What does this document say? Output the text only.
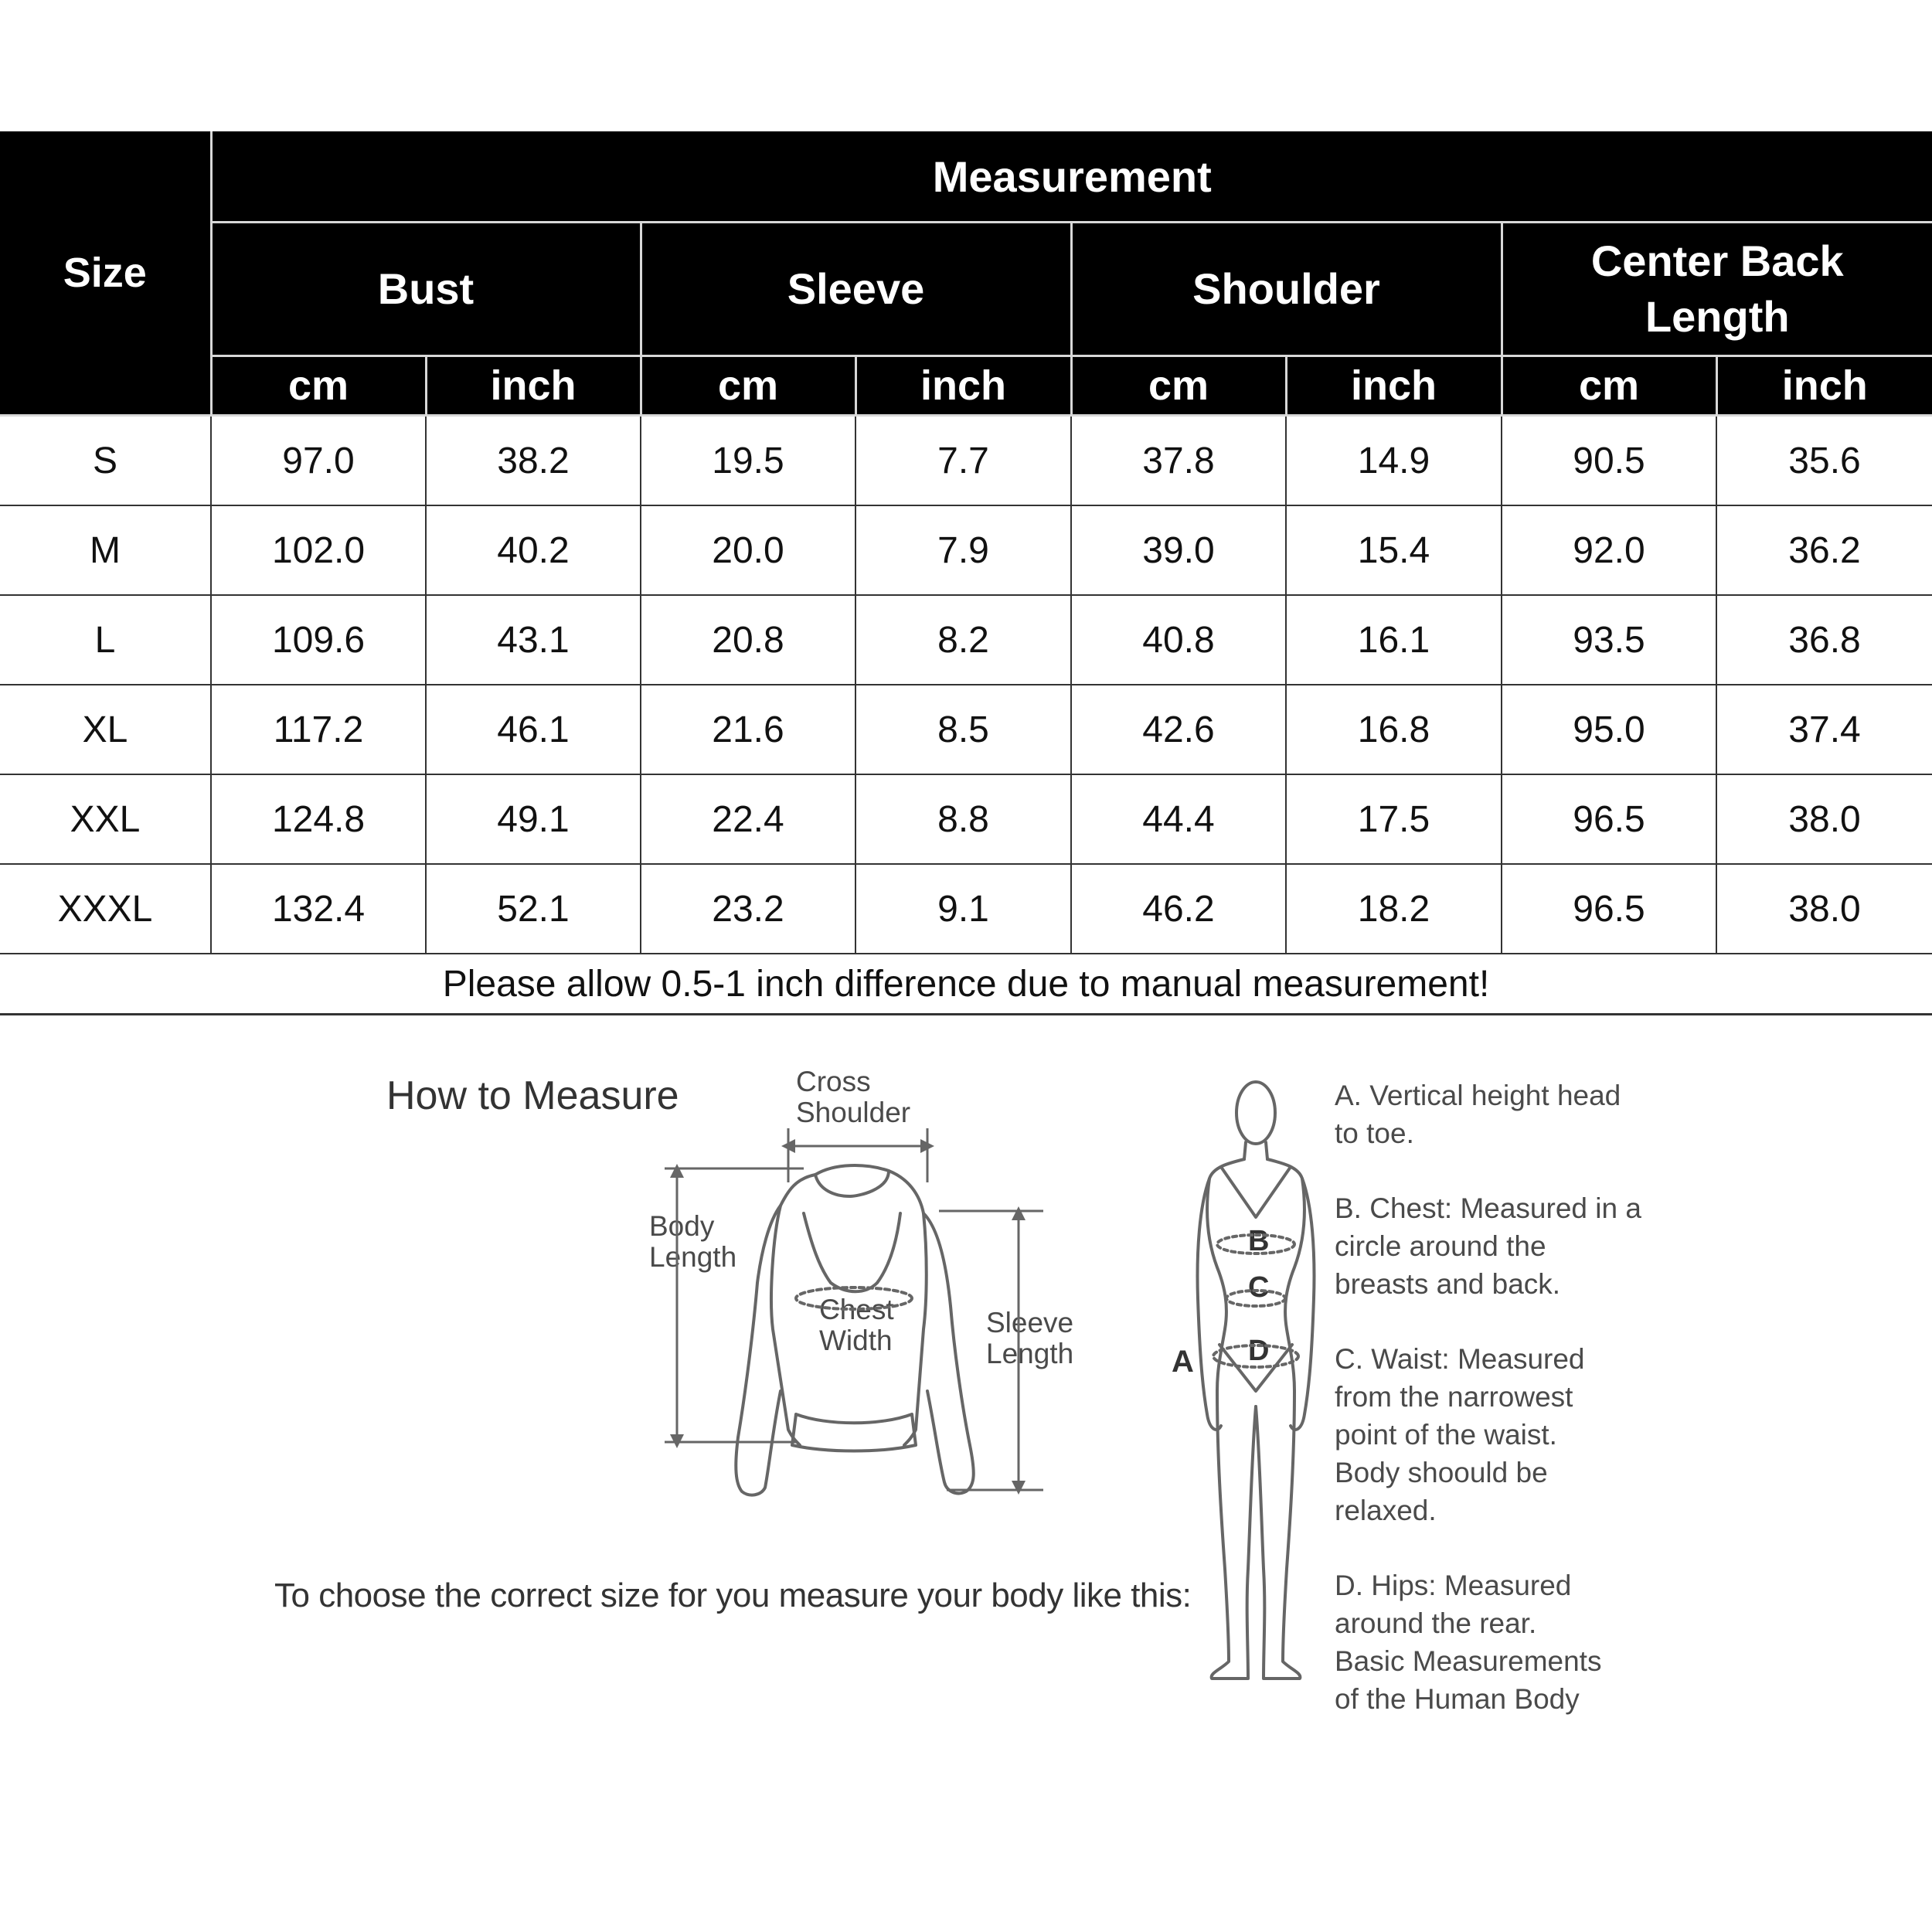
Size	Measurement							
	Bust		Sleeve		Shoulder		Center Back Length	
	cm	inch	cm	inch	cm	inch	cm	inch
S	97.0	38.2	19.5	7.7	37.8	14.9	90.5	35.6
M	102.0	40.2	20.0	7.9	39.0	15.4	92.0	36.2
L	109.6	43.1	20.8	8.2	40.8	16.1	93.5	36.8
XL	117.2	46.1	21.6	8.5	42.6	16.8	95.0	37.4
XXL	124.8	49.1	22.4	8.8	44.4	17.5	96.5	38.0
XXXL	132.4	52.1	23.2	9.1	46.2	18.2	96.5	38.0
Please allow 0.5-1 inch difference due to manual measurement!								
How to Measure
To choose the correct size for you measure your body like this:
Cross
Shoulder
Body
Length
Chest
Width
Sleeve
Length	A
B
C
D
A. Vertical height head
to toe.
B. Chest: Measured in a
circle around the
breasts and back.
C. Waist: Measured
from the narrowest
point of the waist.
Body shoould be
relaxed.
D. Hips: Measured
around the rear.
Basic Measurements
of the Human Body
